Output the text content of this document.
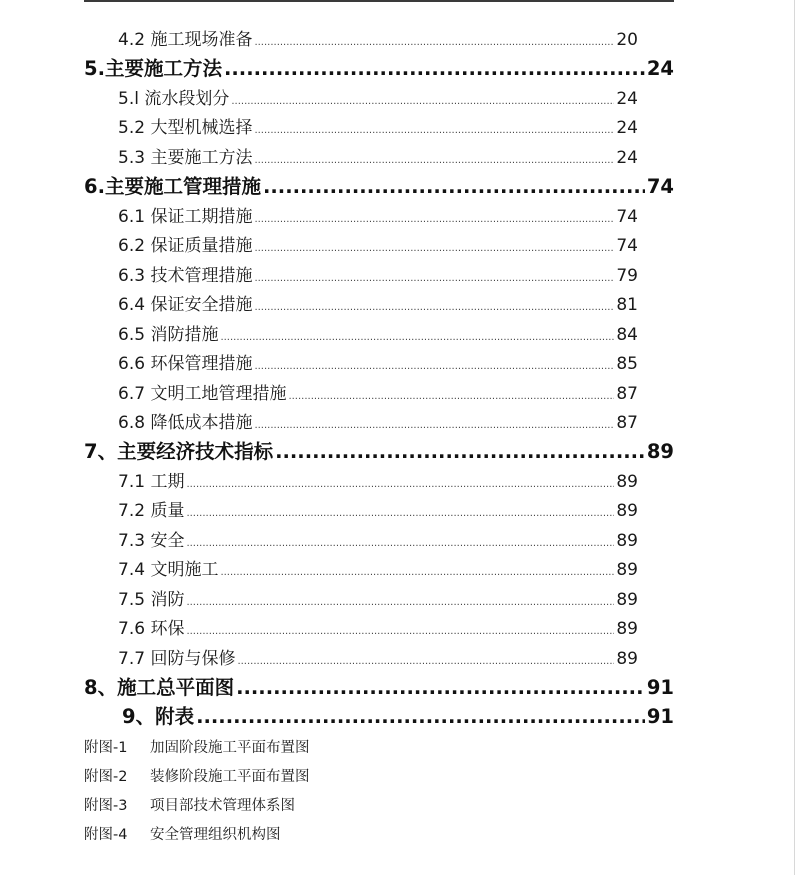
4.2 施工现场准备 .....	20
5.主要施工方法 .....	24
5.l 流水段划分 .....	24
5.2 大型机械选择 .....	24
5.3 主要施工方法 .....	24
6.主要施工管理措施 .....	74
6.1 保证工期措施 .....	74
6.2 保证质量措施 .....	74
6.3 技术管理措施 .....	79
6.4 保证安全措施 .....	81
6.5 消防措施 .....	84
6.6 环保管理措施 .....	85
6.7 文明工地管理措施 .....	87
6.8 降低成本措施 .....	87
7、主要经济技术指标 .....	89
7.1 工期 .....	89
7.2 质量 .....	89
7.3 安全 .....	89
7.4 文明施工 .....	89
7.5 消防 .....	89
7.6 环保 .....	89
7.7 回防与保修 .....	89
8、施工总平面图 .....	91
9、附表 .....	91
附图-1 加固阶段施工平面布置图
附图-2 装修阶段施工平面布置图
附图-3 项目部技术管理体系图
附图-4 安全管理组织机构图
